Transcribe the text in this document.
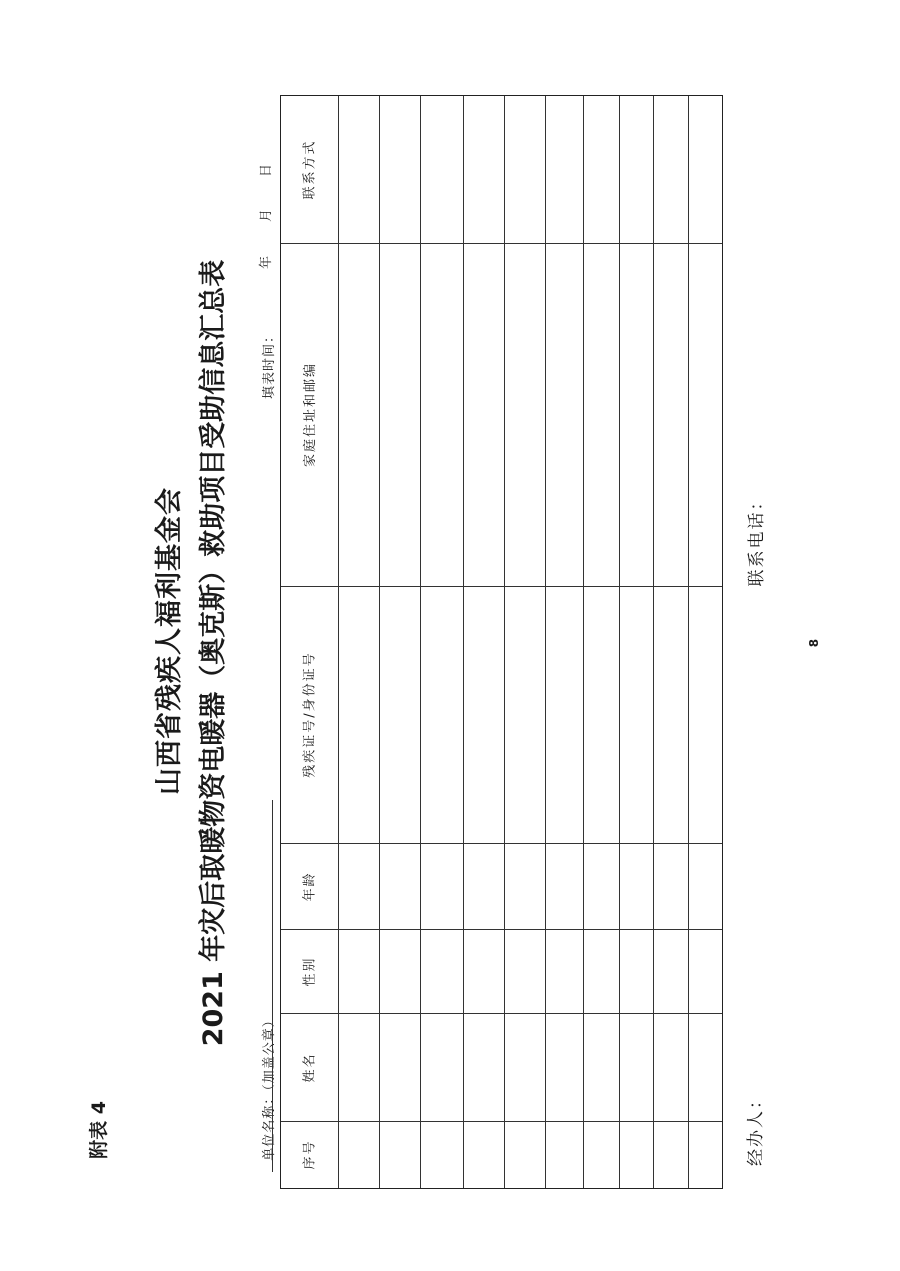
附表 4
山西省残疾人福利基金会 2021 年灾后取暖物资电暖器（奥克斯）救助项目受助信息汇总表
单位名称：（加盖公章）
填表时间：
年
月
日 联系方式
家庭住址和邮编
残疾证号/身份证号
年龄
性别
姓名
序号
8
经办人：
联系电话：
